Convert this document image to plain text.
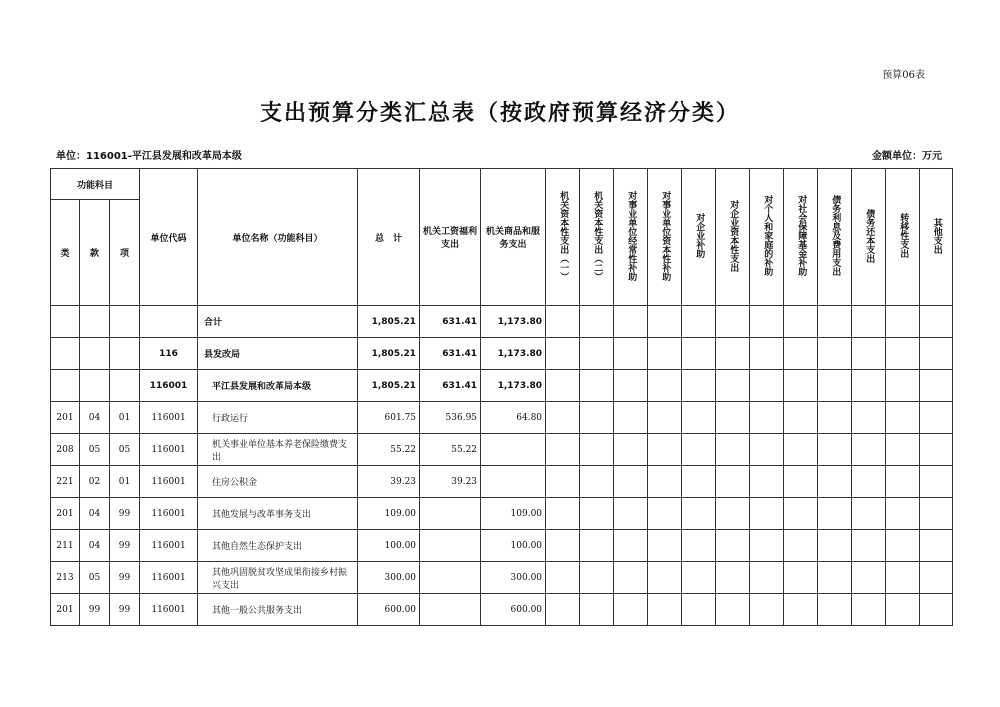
预算06表
支出预算分类汇总表（按政府预算经济分类）
单位：116001-平江县发展和改革局本级	金额单位：万元
功能科目			单位代码	单位名称（功能科目）	总　计	机关工资福利支出	机关商品和服务支出	机关资本性支出（一）	机关资本性支出（二）	对事业单位经常性补助	对事业单位资本性补助	对企业补助	对企业资本性支出	对个人和家庭的补助	对社会保障基金补助	债务利息及费用支出	债务还本支出	转移性支出	其他支出
类	款	项																	
				合计	1,805.21	631.41	1,173.80												
			116	县发改局	1,805.21	631.41	1,173.80												
			116001	平江县发展和改革局本级	1,805.21	631.41	1,173.80												
201	04	01	116001	行政运行	601.75	536.95	64.80												
208	05	05	116001	机关事业单位基本养老保险缴费支出	55.22	55.22													
221	02	01	116001	住房公积金	39.23	39.23													
201	04	99	116001	其他发展与改革事务支出	109.00		109.00												
211	04	99	116001	其他自然生态保护支出	100.00		100.00												
213	05	99	116001	其他巩固脱贫攻坚成果衔接乡村振兴支出	300.00		300.00												
201	99	99	116001	其他一般公共服务支出	600.00		600.00												
